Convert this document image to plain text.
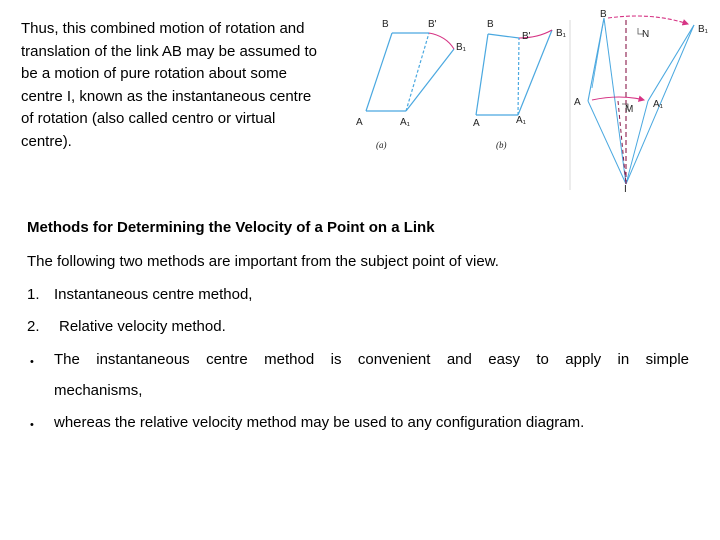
Thus, this combined motion of rotation and
translation of the link AB may be assumed to
be a motion of pure rotation about some
centre I, known as the instantaneous centre
of rotation (also called centro or virtual
centre).

B	B'
B₁
A	A₁
(a)
B
B'	B₁
A	A₁
(b)
B
B₁
N
A	A₁
M
I

Methods for Determining the Velocity of a Point on a Link

The following two methods are important from the subject point of view.

1. Instantaneous centre method,
2. Relative velocity method.
• The instantaneous centre method is convenient and easy to apply in simple
mechanisms,
• whereas the relative velocity method may be used to any configuration diagram.
